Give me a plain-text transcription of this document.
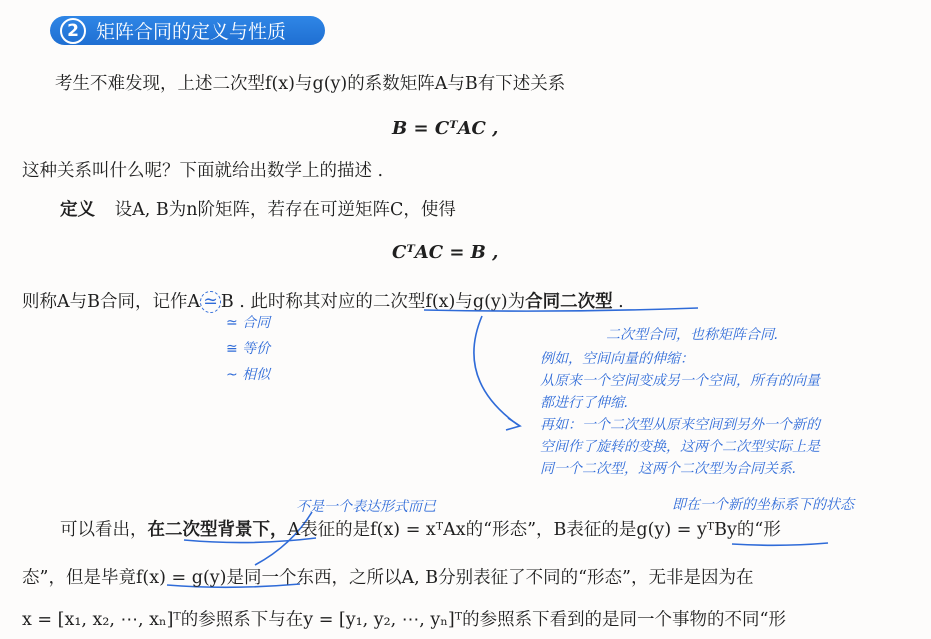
2 矩阵合同的定义与性质
考生不难发现，上述二次型f(x)与g(y)的系数矩阵A与B有下述关系
B = CᵀAC ,
这种关系叫什么呢？下面就给出数学上的描述 .
定义 设A, B为n阶矩阵，若存在可逆矩阵C，使得
CᵀAC = B ,
则称A与B合同，记作A ≃ B . 此时称其对应的二次型f(x)与g(y)为合同二次型 .
≃ 合同
≅ 等价
~ 相似
二次型合同，也称矩阵合同.
例如，空间向量的伸缩：
从原来一个空间变成另一个空间，所有的向量
都进行了伸缩.
再如：一个二次型从原来空间到另外一个新的
空间作了旋转的变换，这两个二次型实际上是
同一个二次型，这两个二次型为合同关系.
不是一个表达形式而已	即在一个新的坐标系下的状态
可以看出，在二次型背景下，A表征的是f(x) = xᵀAx的“形态”，B表征的是g(y) = yᵀBy的“形
态”，但是毕竟f(x) = g(y)是同一个东西，之所以A, B分别表征了不同的“形态”，无非是因为在
x = [x₁, x₂, ⋯, xₙ]ᵀ的参照系下与在y = [y₁, y₂, ⋯, yₙ]ᵀ的参照系下看到的是同一个事物的不同“形
